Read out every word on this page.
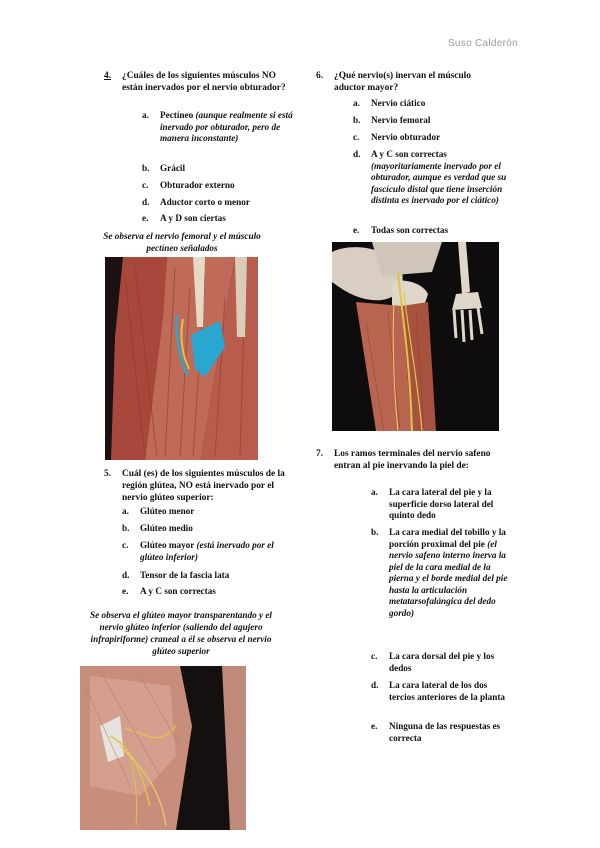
Suso Calderón
4. ¿Cuáles de los siguientes músculos NO están inervados por el nervio obturador?
a. Pectíneo (aunque realmente si está inervado por obturador, pero de manera inconstante)
b. Grácil
c. Obturador externo
d. Aductor corto o menor
e. A y D son ciertas
Se observa el nervio femoral y el músculo pectíneo señalados
5. Cuál (es) de los siguientes músculos de la región glútea, NO está inervado por el nervio glúteo superior:
a. Glúteo menor
b. Glúteo medio
c. Glúteo mayor (está inervado por el glúteo inferior)
d. Tensor de la fascia lata
e. A y C son correctas
Se observa el glúteo mayor transparentando y el nervio glúteo inferior (saliendo del agujero infrapiriforme) craneal a él se observa el nervio glúteo superior
6. ¿Qué nervio(s) inervan el músculo aductor mayor?
a. Nervio ciático
b. Nervio femoral
c. Nervio obturador
d. A y C son correctas (mayoritariamente inervado por el obturador, aunque es verdad que su fascículo distal que tiene inserción distinta es inervado por el ciático)
e. Todas son correctas
7. Los ramos terminales del nervio safeno entran al pie inervando la piel de:
a. La cara lateral del pie y la superficie dorso lateral del quinto dedo
b. La cara medial del tobillo y la porción proximal del pie (el nervio safeno interno inerva la piel de la cara medial de la pierna y el borde medial del pie hasta la articulación metatarsofalángica del dedo gordo)
c. La cara dorsal del pie y los dedos
d. La cara lateral de los dos tercios anteriores de la planta
e. Ninguna de las respuestas es correcta
